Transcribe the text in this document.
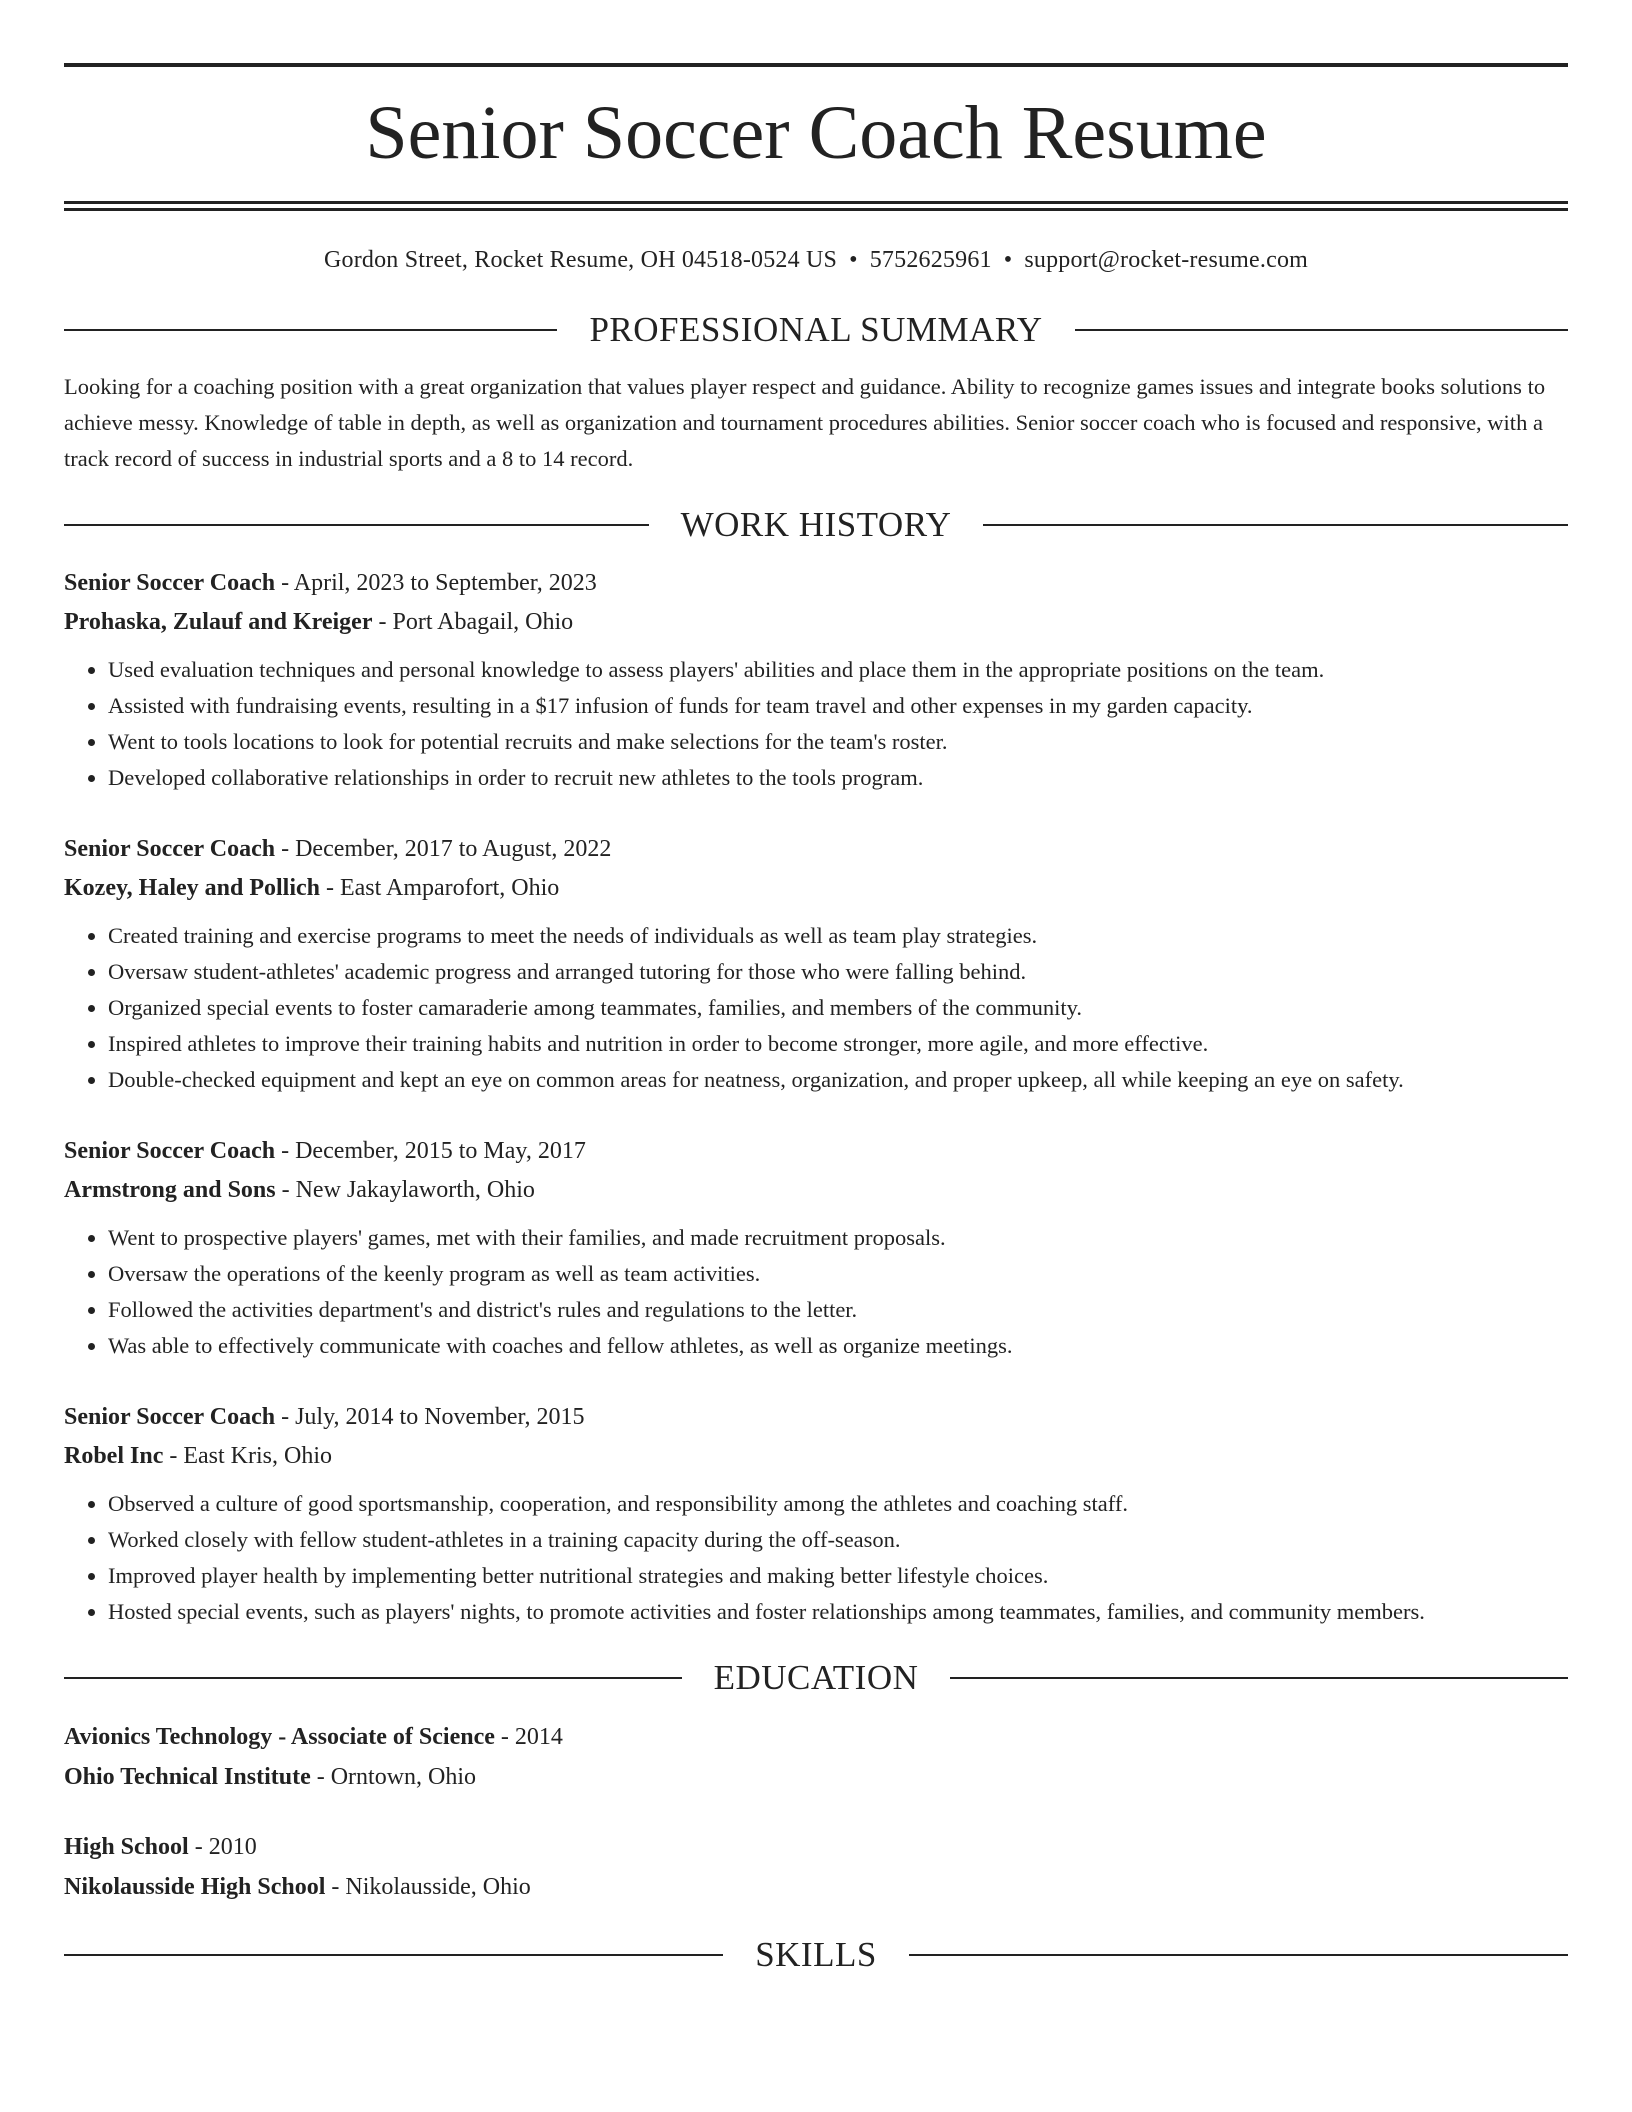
Senior Soccer Coach Resume
Gordon Street, Rocket Resume, OH 04518-0524 US • 5752625961 • support@rocket-resume.com
PROFESSIONAL SUMMARY

Looking for a coaching position with a great organization that values player respect and guidance. Ability to recognize games issues and integrate books solutions to achieve messy. Knowledge of table in depth, as well as organization and tournament procedures abilities. Senior soccer coach who is focused and responsive, with a track record of success in industrial sports and a 8 to 14 record.

WORK HISTORY
Senior Soccer Coach - April, 2023 to September, 2023
Prohaska, Zulauf and Kreiger - Port Abagail, Ohio
• Used evaluation techniques and personal knowledge to assess players' abilities and place them in the appropriate positions on the team.
• Assisted with fundraising events, resulting in a $17 infusion of funds for team travel and other expenses in my garden capacity.
• Went to tools locations to look for potential recruits and make selections for the team's roster.
• Developed collaborative relationships in order to recruit new athletes to the tools program.
Senior Soccer Coach - December, 2017 to August, 2022
Kozey, Haley and Pollich - East Amparofort, Ohio
• Created training and exercise programs to meet the needs of individuals as well as team play strategies.
• Oversaw student-athletes' academic progress and arranged tutoring for those who were falling behind.
• Organized special events to foster camaraderie among teammates, families, and members of the community.
• Inspired athletes to improve their training habits and nutrition in order to become stronger, more agile, and more effective.
• Double-checked equipment and kept an eye on common areas for neatness, organization, and proper upkeep, all while keeping an eye on safety.
Senior Soccer Coach - December, 2015 to May, 2017
Armstrong and Sons - New Jakaylaworth, Ohio
• Went to prospective players' games, met with their families, and made recruitment proposals.
• Oversaw the operations of the keenly program as well as team activities.
• Followed the activities department's and district's rules and regulations to the letter.
• Was able to effectively communicate with coaches and fellow athletes, as well as organize meetings.
Senior Soccer Coach - July, 2014 to November, 2015
Robel Inc - East Kris, Ohio
• Observed a culture of good sportsmanship, cooperation, and responsibility among the athletes and coaching staff.
• Worked closely with fellow student-athletes in a training capacity during the off-season.
• Improved player health by implementing better nutritional strategies and making better lifestyle choices.
• Hosted special events, such as players' nights, to promote activities and foster relationships among teammates, families, and community members.
EDUCATION
Avionics Technology - Associate of Science - 2014
Ohio Technical Institute - Orntown, Ohio
High School - 2010
Nikolausside High School - Nikolausside, Ohio
SKILLS
